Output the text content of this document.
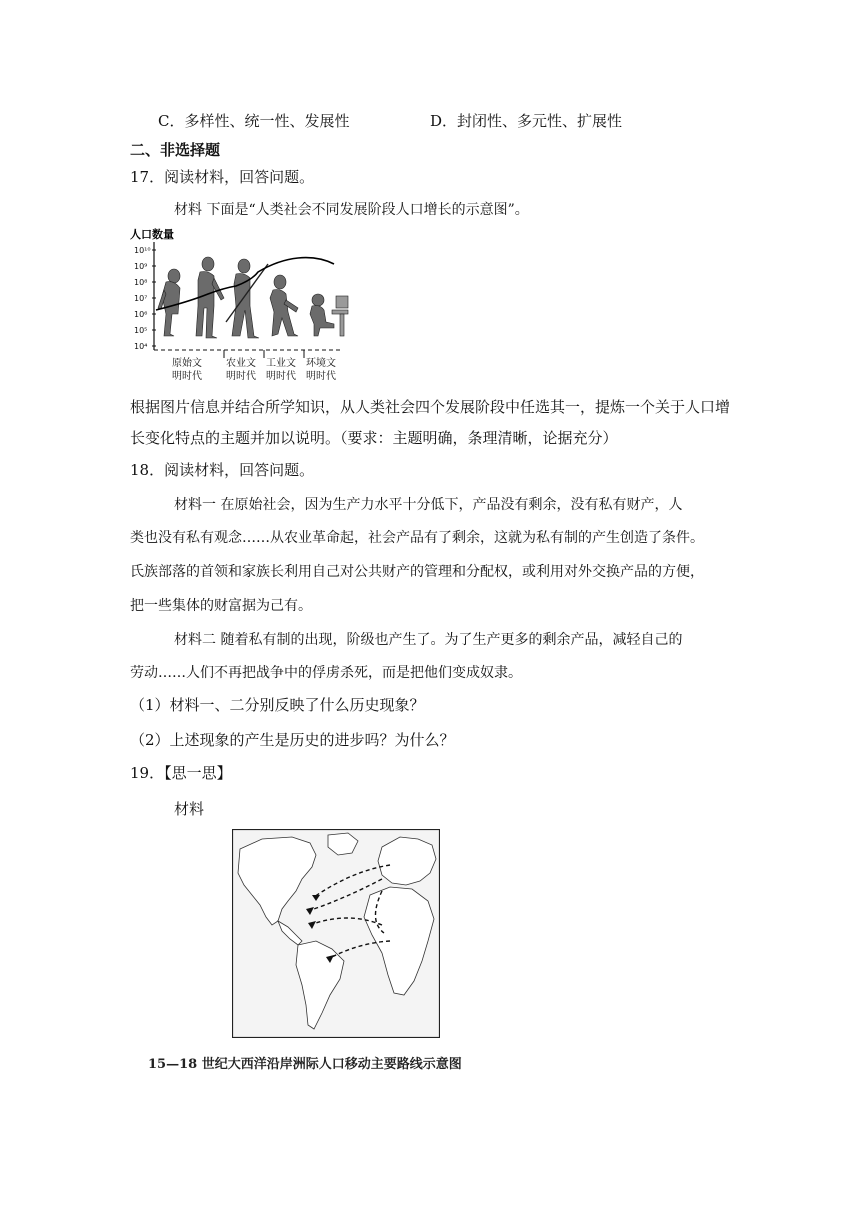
C．多样性、统一性、发展性	D．封闭性、多元性、扩展性
二、非选择题
17．阅读材料，回答问题。
材料 下面是“人类社会不同发展阶段人口增长的示意图”。
人口数量
10¹⁰
10⁹
10⁸
10⁷
10⁶
10⁵
10⁴
原始文
明时代
农业文
明时代
工业文
明时代
环境文
明时代
根据图片信息并结合所学知识，从人类社会四个发展阶段中任选其一，提炼一个关于人口增
长变化特点的主题并加以说明。（要求：主题明确，条理清晰，论据充分）
18．阅读材料，回答问题。
材料一 在原始社会，因为生产力水平十分低下，产品没有剩余，没有私有财产，人
类也没有私有观念……从农业革命起，社会产品有了剩余，这就为私有制的产生创造了条件。
氏族部落的首领和家族长利用自己对公共财产的管理和分配权，或利用对外交换产品的方便，
把一些集体的财富据为己有。
材料二 随着私有制的出现，阶级也产生了。为了生产更多的剩余产品，减轻自己的
劳动……人们不再把战争中的俘虏杀死，而是把他们变成奴隶。
（1）材料一、二分别反映了什么历史现象？
（2）上述现象的产生是历史的进步吗？为什么？
19．【思一思】
材料
15—18 世纪大西洋沿岸洲际人口移动主要路线示意图
